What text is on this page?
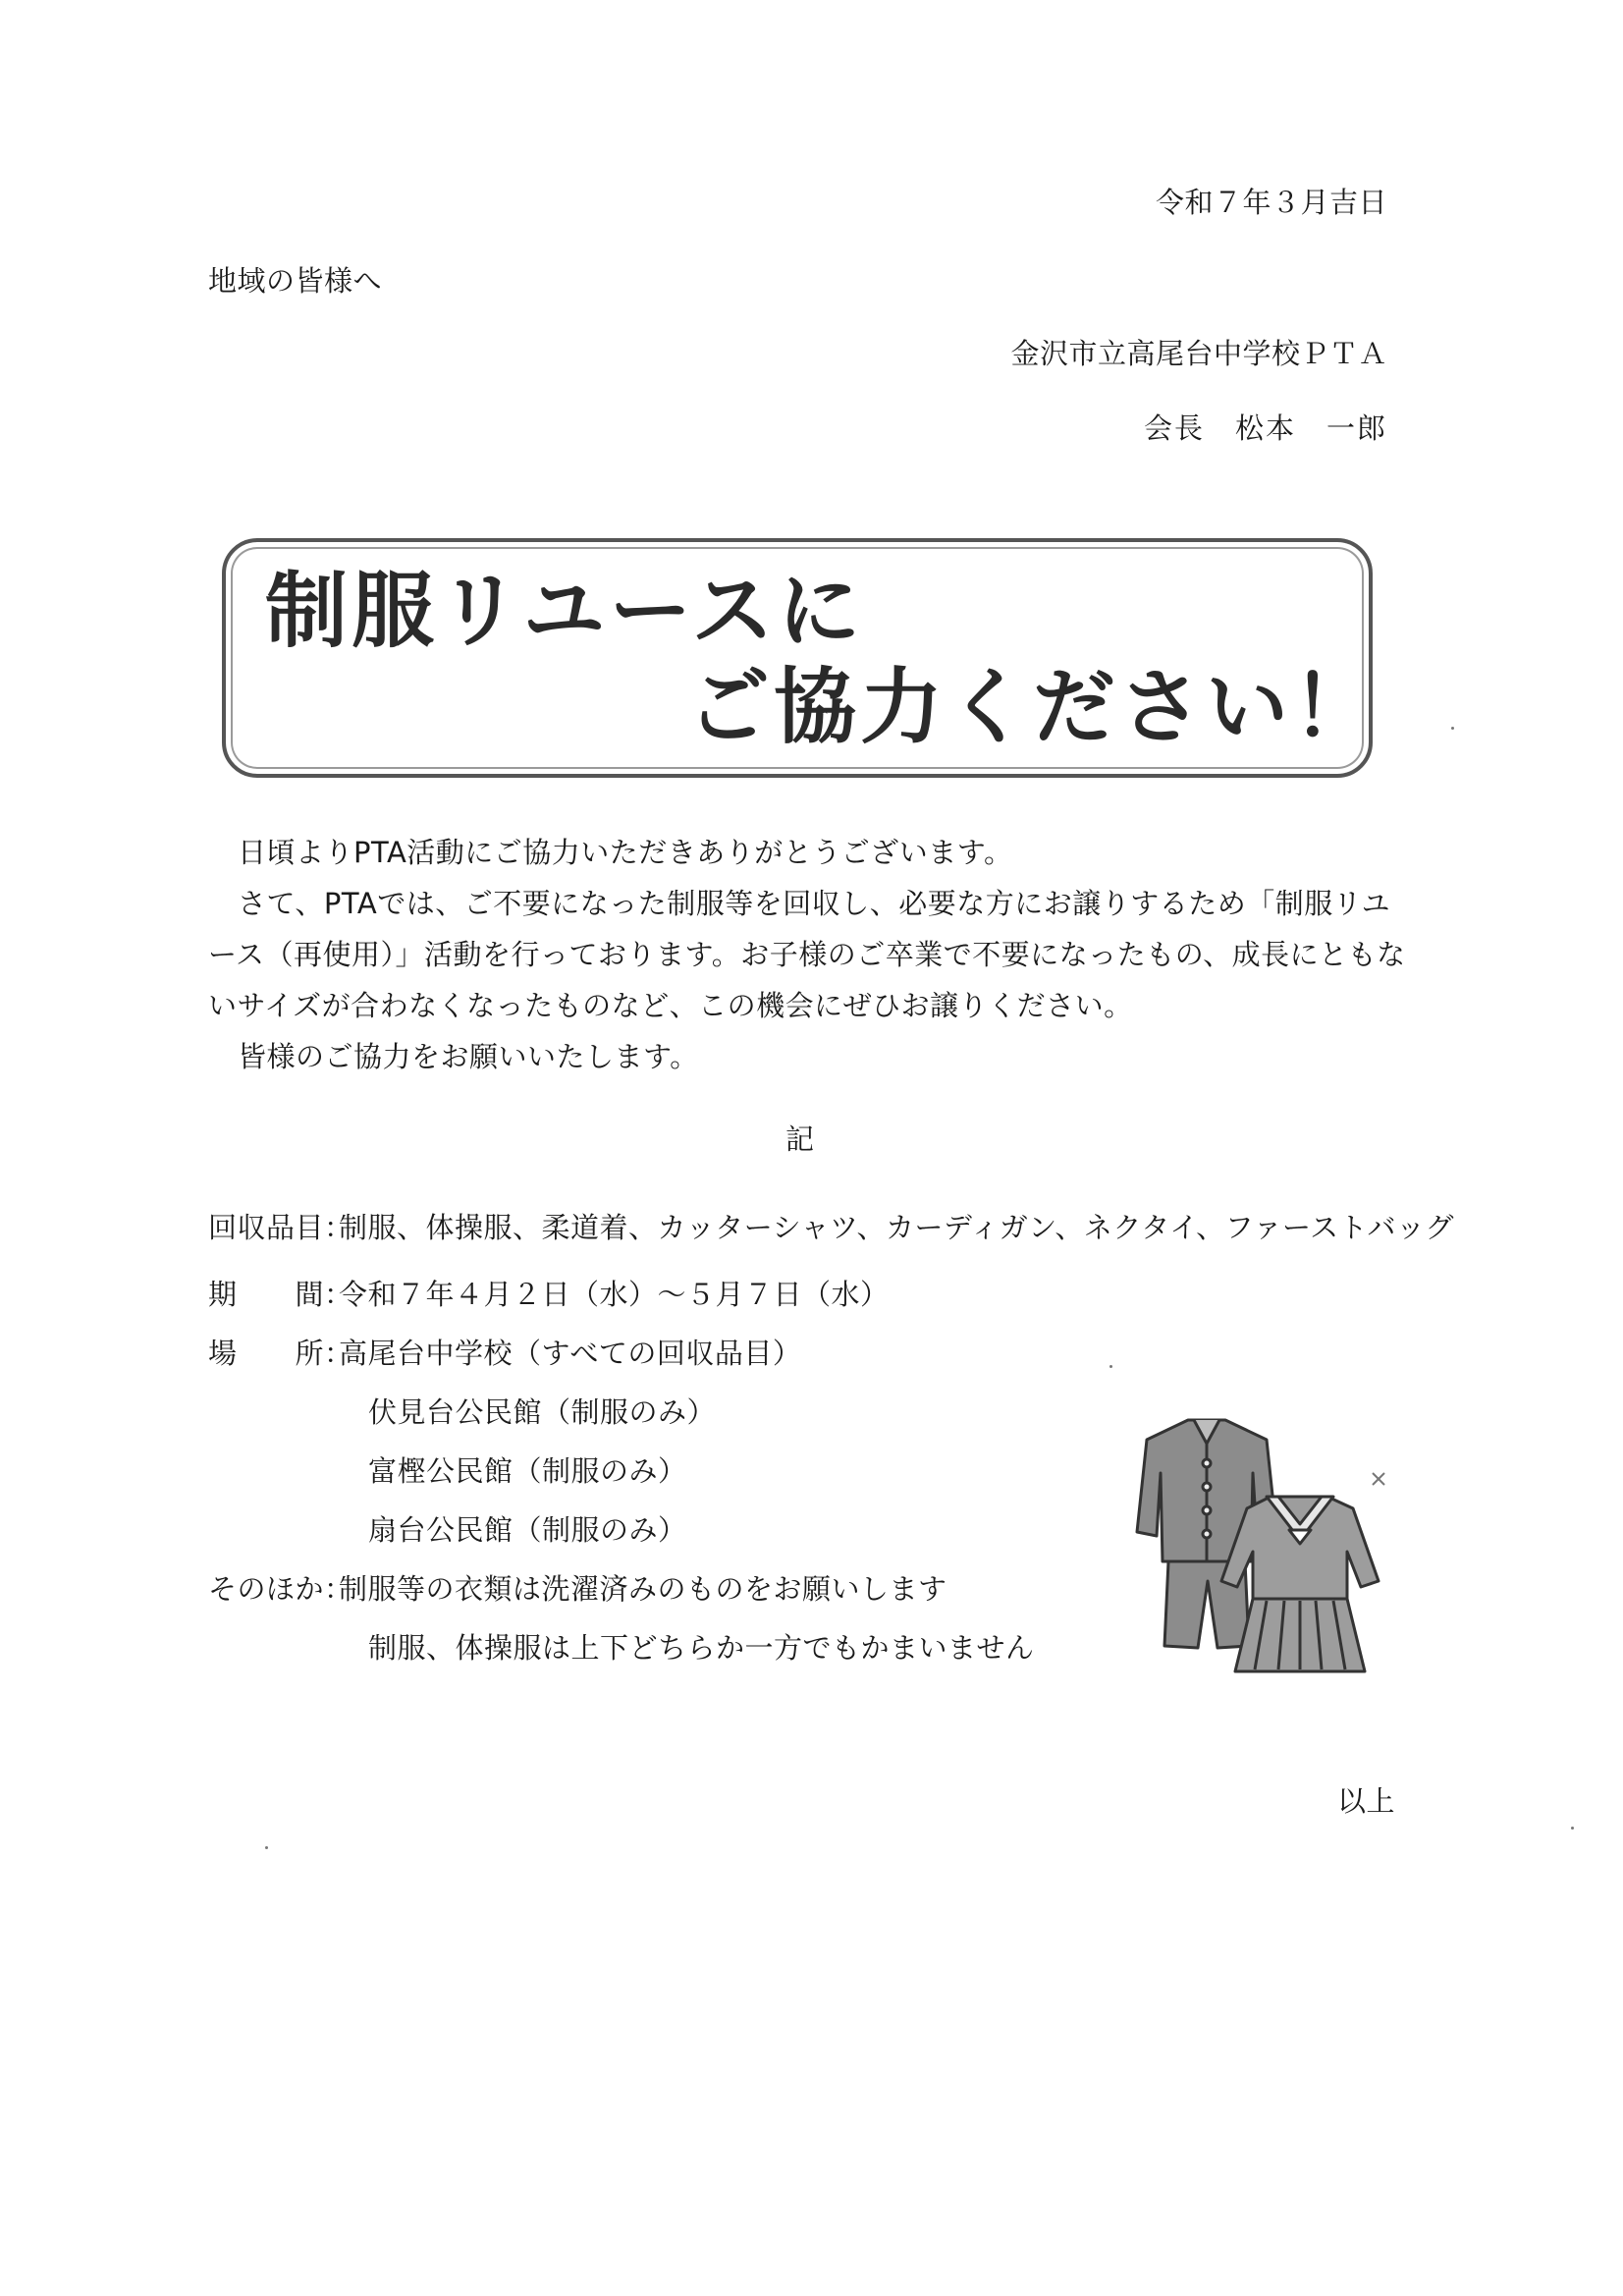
令和７年３月吉日
地域の皆様へ
金沢市立高尾台中学校ＰＴＡ
会長　松本　一郎
制服リユースに
ご協力ください！
日頃よりPTA活動にご協力いただきありがとうございます。
さて、PTAでは、ご不要になった制服等を回収し、必要な方にお譲りするため「制服リユース（再使用）」活動を行っております。お子様のご卒業で不要になったもの、成長にともないサイズが合わなくなったものなど、この機会にぜひお譲りください。
皆様のご協力をお願いいたします。
記
回収品目：
制服、体操服、柔道着、カッターシャツ、カーディガン、ネクタイ、ファーストバッグ
期　　間：
令和７年４月２日（水）～５月７日（水）
場　　所：
高尾台中学校（すべての回収品目）
伏見台公民館（制服のみ）
富樫公民館（制服のみ）
扇台公民館（制服のみ）
そのほか：
制服等の衣類は洗濯済みのものをお願いします
制服、体操服は上下どちらか一方でもかまいません
以上
